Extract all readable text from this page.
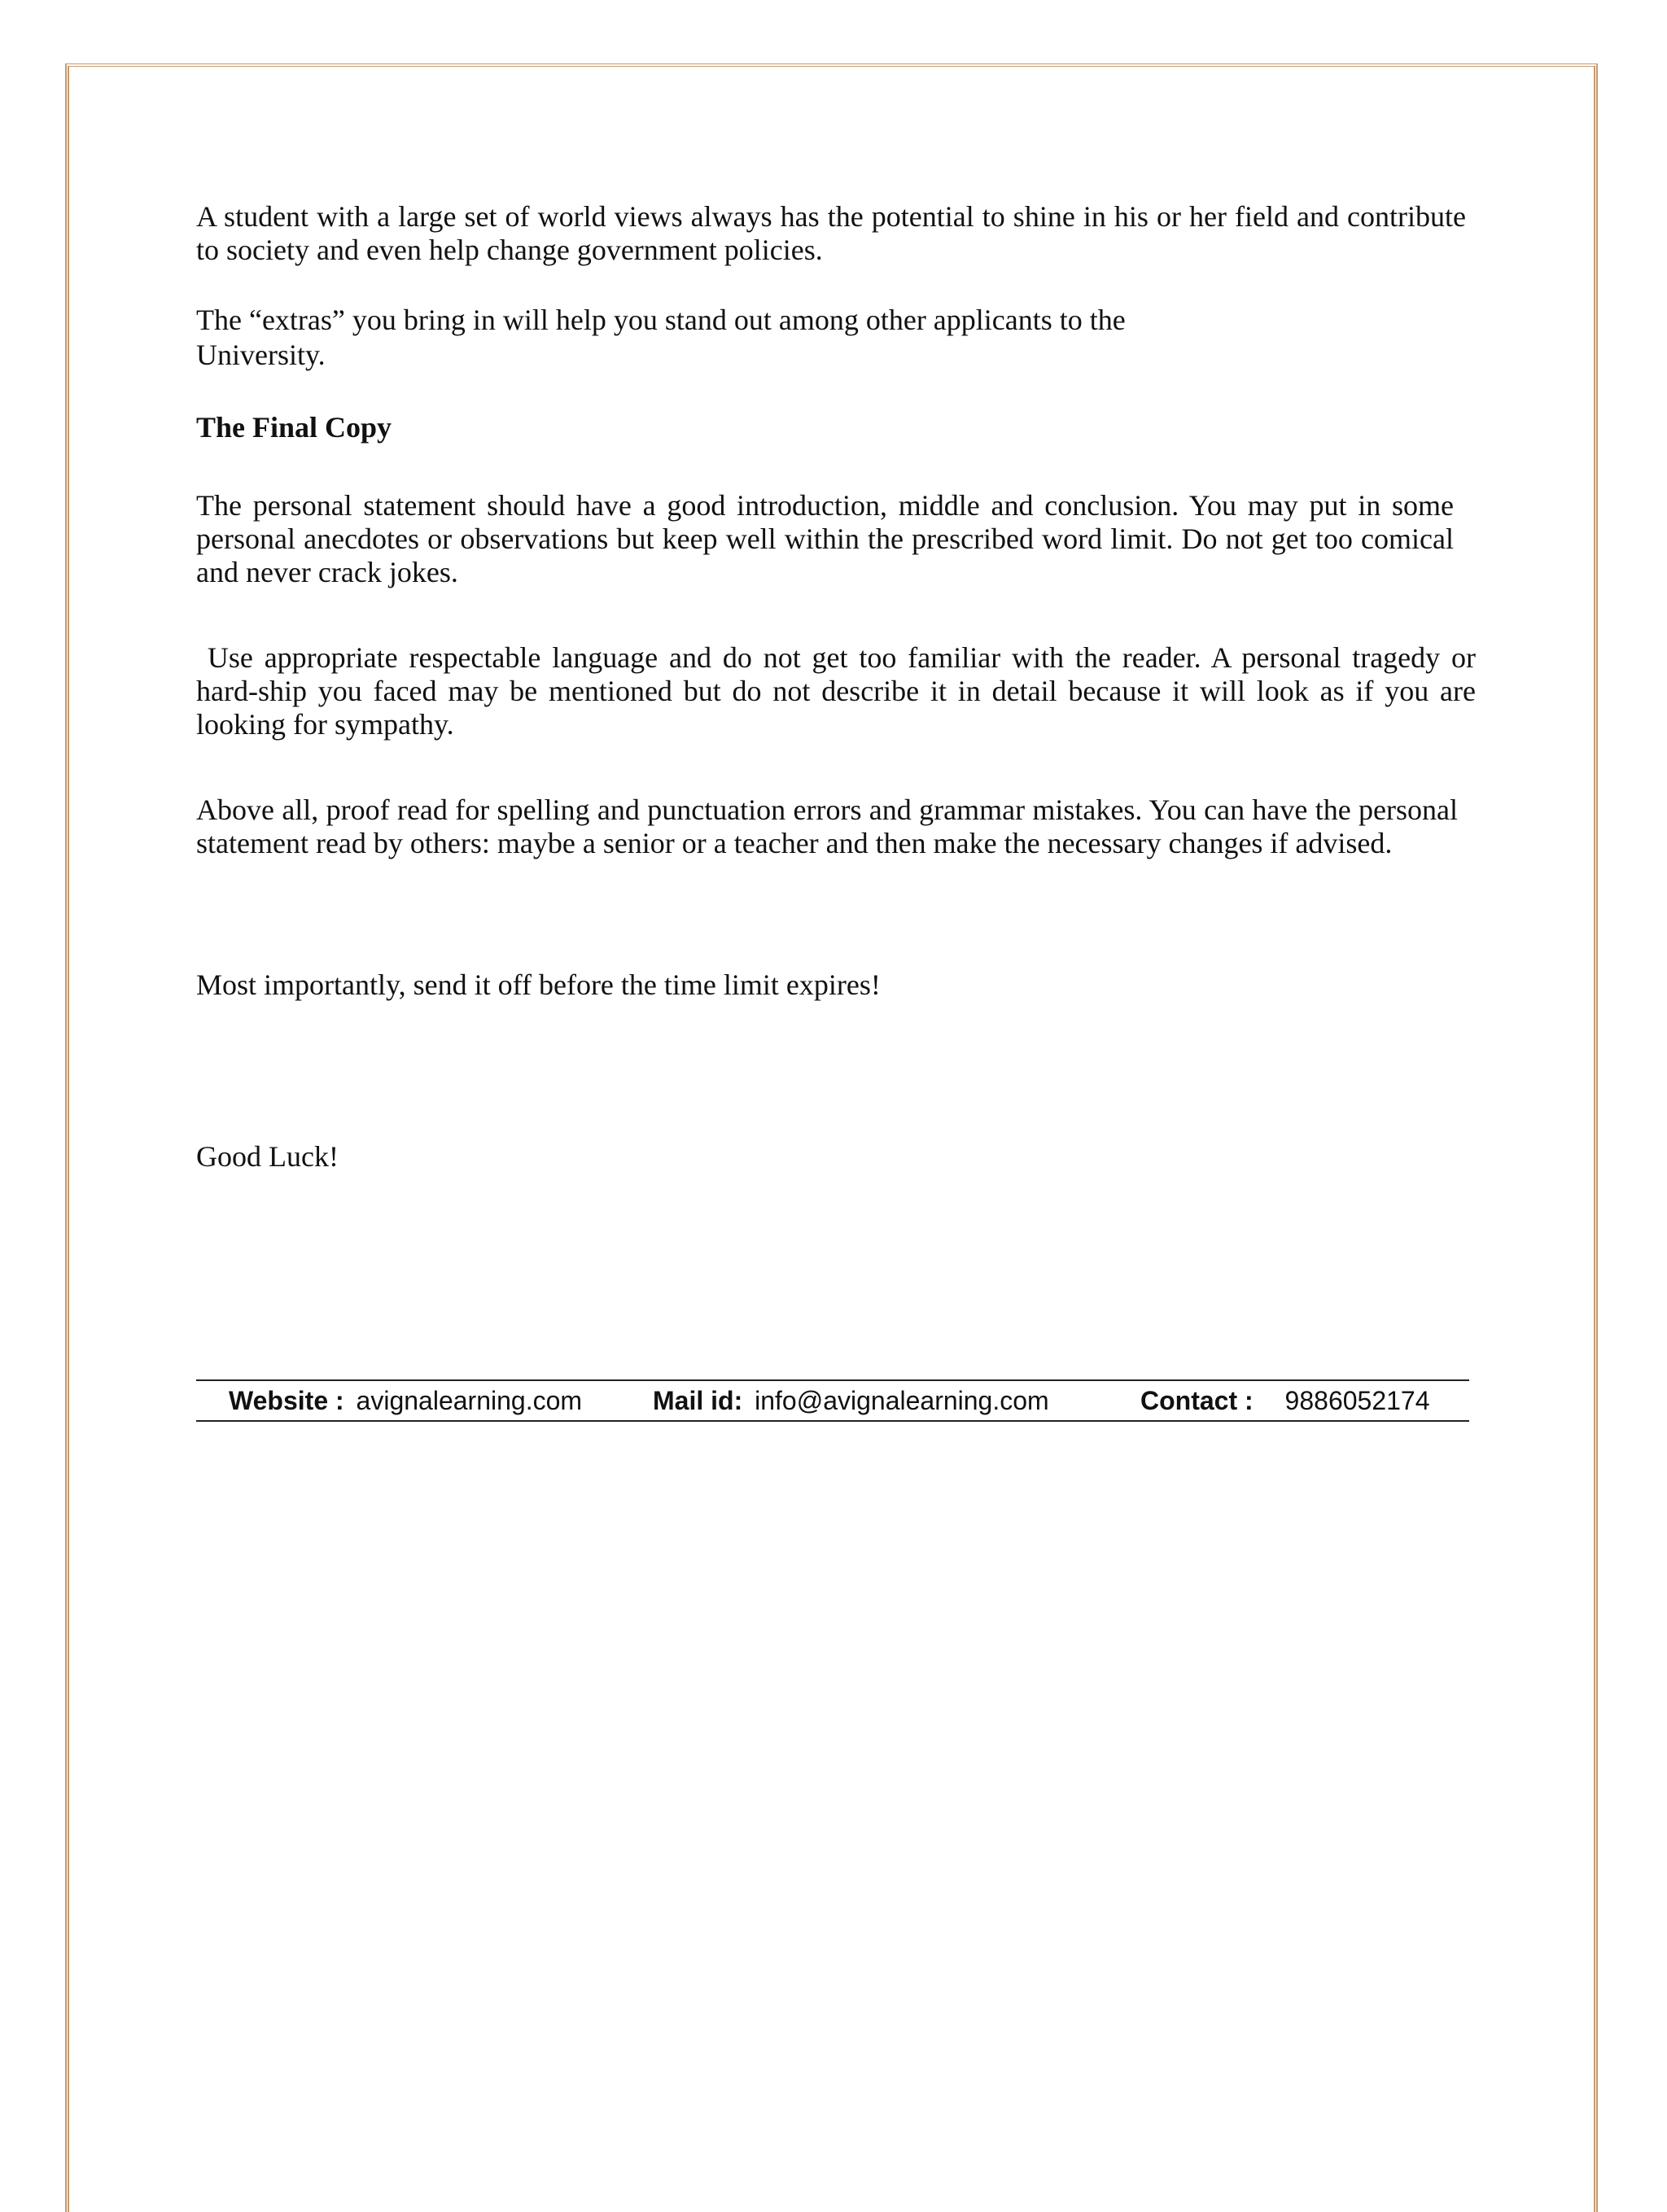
A student with a large set of world views always has the potential to shine in his or her field and contribute to society and even help change government policies.

The “extras” you bring in will help you stand out among other applicants to the

University.

The Final Copy

The personal statement should have a good introduction, middle and conclusion. You may put in some personal anecdotes or observations but keep well within the prescribed word limit. Do not get too comical and never crack jokes.

Use appropriate respectable language and do not get too familiar with the reader. A personal tragedy or hard-ship you faced may be mentioned but do not describe it in detail because it will look as if you are looking for sympathy.

Above all, proof read for spelling and punctuation errors and grammar mistakes. You can have the personal statement read by others: maybe a senior or a teacher and then make the necessary changes if advised.

Most importantly, send it off before the time limit expires!

Good Luck!

Website : avignalearning.com	Mail id: info@avignalearning.com	Contact : 9886052174
